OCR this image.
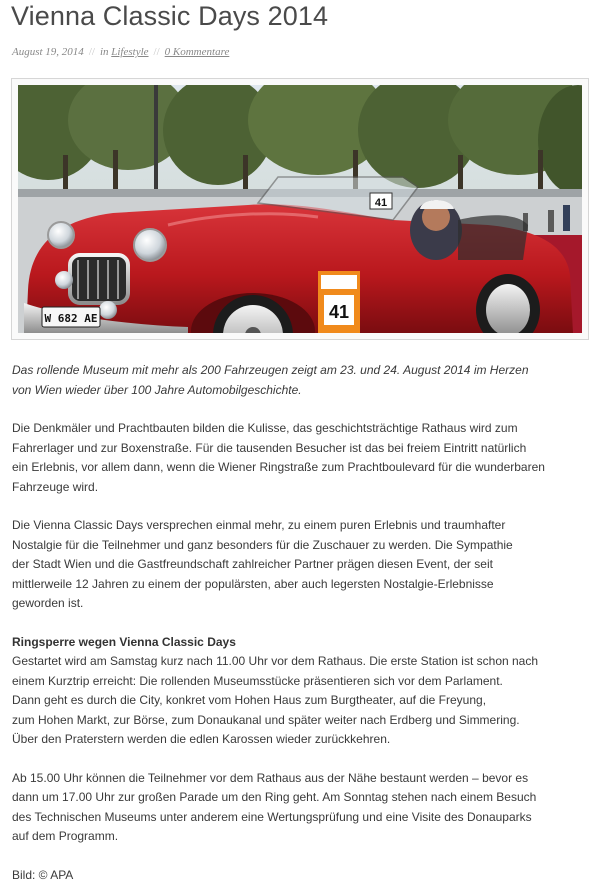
Vienna Classic Days 2014
August 19, 2014 // in Lifestyle // 0 Kommentare
W 682 AE	41
41

Das rollende Museum mit mehr als 200 Fahrzeugen zeigt am 23. und 24. August 2014 im Herzen
von Wien wieder über 100 Jahre Automobilgeschichte.

Die Denkmäler und Prachtbauten bilden die Kulisse, das geschichtsträchtige Rathaus wird zum
Fahrerlager und zur Boxenstraße. Für die tausenden Besucher ist das bei freiem Eintritt natürlich
ein Erlebnis, vor allem dann, wenn die Wiener Ringstraße zum Prachtboulevard für die wunderbaren
Fahrzeuge wird.

Die Vienna Classic Days versprechen einmal mehr, zu einem puren Erlebnis und traumhafter
Nostalgie für die Teilnehmer und ganz besonders für die Zuschauer zu werden. Die Sympathie
der Stadt Wien und die Gastfreundschaft zahlreicher Partner prägen diesen Event, der seit
mittlerweile 12 Jahren zu einem der populärsten, aber auch legersten Nostalgie-Erlebnisse
geworden ist.

Ringsperre wegen Vienna Classic Days
Gestartet wird am Samstag kurz nach 11.00 Uhr vor dem Rathaus. Die erste Station ist schon nach
einem Kurztrip erreicht: Die rollenden Museumsstücke präsentieren sich vor dem Parlament.
Dann geht es durch die City, konkret vom Hohen Haus zum Burgtheater, auf die Freyung,
zum Hohen Markt, zur Börse, zum Donaukanal und später weiter nach Erdberg und Simmering.
Über den Praterstern werden die edlen Karossen wieder zurückkehren.

Ab 15.00 Uhr können die Teilnehmer vor dem Rathaus aus der Nähe bestaunt werden – bevor es
dann um 17.00 Uhr zur großen Parade um den Ring geht. Am Sonntag stehen nach einem Besuch
des Technischen Museums unter anderem eine Wertungsprüfung und eine Visite des Donauparks
auf dem Programm.

Bild: © APA
